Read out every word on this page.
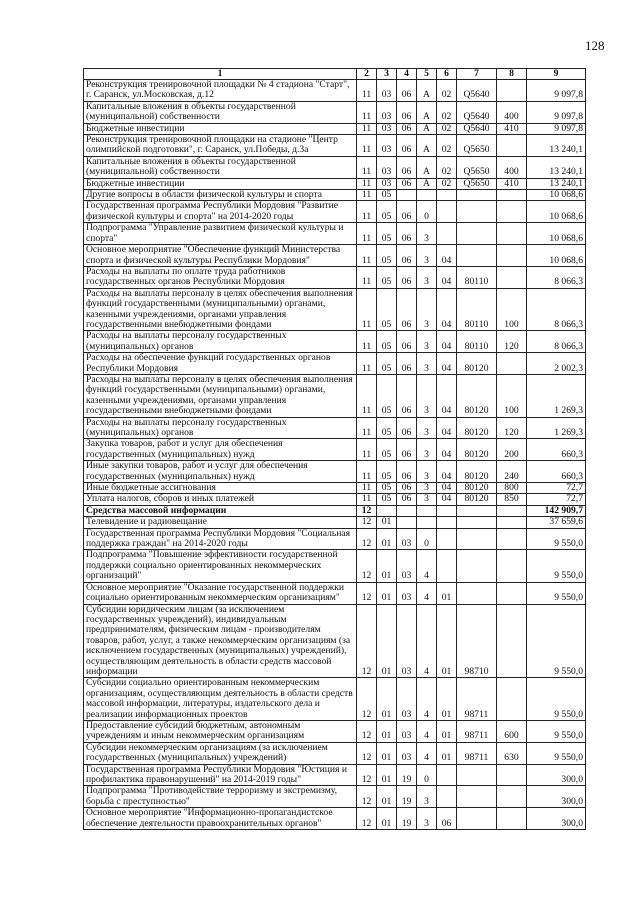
128
1	2	3	4	5	6	7	8	9
Реконструкция тренировочной площадки № 4 стадиона "Старт", г. Саранск, ул.Московская, д.12	11	03	06	А	02	Q5640		9 097,8
Капитальные вложения в объекты государственной (муниципальной) собственности	11	03	06	А	02	Q5640	400	9 097,8
Бюджетные инвестиции	11	03	06	А	02	Q5640	410	9 097,8
Реконструкция тренировочной площадки на стадионе "Центр олимпийской подготовки", г. Саранск, ул.Победы, д.3а	11	03	06	А	02	Q5650		13 240,1
Капитальные вложения в объекты государственной (муниципальной) собственности	11	03	06	А	02	Q5650	400	13 240,1
Бюджетные инвестиции	11	03	06	А	02	Q5650	410	13 240,1
Другие вопросы в области физической культуры и спорта	11	05						10 068,6
Государственная программа Республики Мордовия "Развитие физической культуры и спорта" на 2014-2020 годы	11	05	06	0				10 068,6
Подпрограмма "Управление развитием физической культуры и спорта"	11	05	06	3				10 068,6
Основное мероприятие "Обеспечение функций Министерства спорта и физической культуры Республики Мордовия"	11	05	06	3	04			10 068,6
Расходы на выплаты по оплате труда работников государственных органов Республики Мордовия	11	05	06	3	04	80110		8 066,3
Расходы на выплаты персоналу в целях обеспечения выполнения функций государственными (муниципальными) органами, казенными учреждениями, органами управления государственными внебюджетными фондами	11	05	06	3	04	80110	100	8 066,3
Расходы на выплаты персоналу государственных (муниципальных) органов	11	05	06	3	04	80110	120	8 066,3
Расходы на обеспечение функций государственных органов Республики Мордовия	11	05	06	3	04	80120		2 002,3
Расходы на выплаты персоналу в целях обеспечения выполнения функций государственными (муниципальными) органами, казенными учреждениями, органами управления государственными внебюджетными фондами	11	05	06	3	04	80120	100	1 269,3
Расходы на выплаты персоналу государственных (муниципальных) органов	11	05	06	3	04	80120	120	1 269,3
Закупка товаров, работ и услуг для обеспечения государственных (муниципальных) нужд	11	05	06	3	04	80120	200	660,3
Иные закупки товаров, работ и услуг для обеспечения государственных (муниципальных) нужд	11	05	06	3	04	80120	240	660,3
Иные бюджетные ассигнования	11	05	06	3	04	80120	800	72,7
Уплата налогов, сборов и иных платежей	11	05	06	3	04	80120	850	72,7
Средства массовой информации	12							142 909,7
Телевидение и радиовещание	12	01						37 659,6
Государственная программа Республики Мордовия "Социальная поддержка граждан" на 2014-2020 годы	12	01	03	0				9 550,0
Подпрограмма "Повышение эффективности государственной поддержки социально ориентированных некоммерческих организаций"	12	01	03	4				9 550,0
Основное мероприятие "Оказание государственной поддержки социально ориентированным некоммерческим организациям"	12	01	03	4	01			9 550,0
Субсидии юридическим лицам (за исключением государственных учреждений), индивидуальным предпринимателям, физическим лицам - производителям товаров, работ, услуг, а также некоммерческим организациям (за исключением государственных (муниципальных) учреждений), осуществляющим деятельность в области средств массовой информации	12	01	03	4	01	98710		9 550,0
Субсидии социально ориентированным некоммерческим организациям, осуществляющим деятельность в области средств массовой информации, литературы, издательского дела и реализации информационных проектов	12	01	03	4	01	98711		9 550,0
Предоставление субсидий бюджетным, автономным учреждениям и иным некоммерческим организациям	12	01	03	4	01	98711	600	9 550,0
Субсидии некоммерческим организациям (за исключением государственных (муниципальных) учреждений)	12	01	03	4	01	98711	630	9 550,0
Государственная программа Республики Мордовия "Юстиция и профилактика правонарушений" на 2014-2019 годы"	12	01	19	0				300,0
Подпрограмма "Противодействие терроризму и экстремизму, борьба с преступностью"	12	01	19	3				300,0
Основное мероприятие "Информационно-пропагандистское обеспечение деятельности правоохранительных органов"	12	01	19	3	06			300,0
